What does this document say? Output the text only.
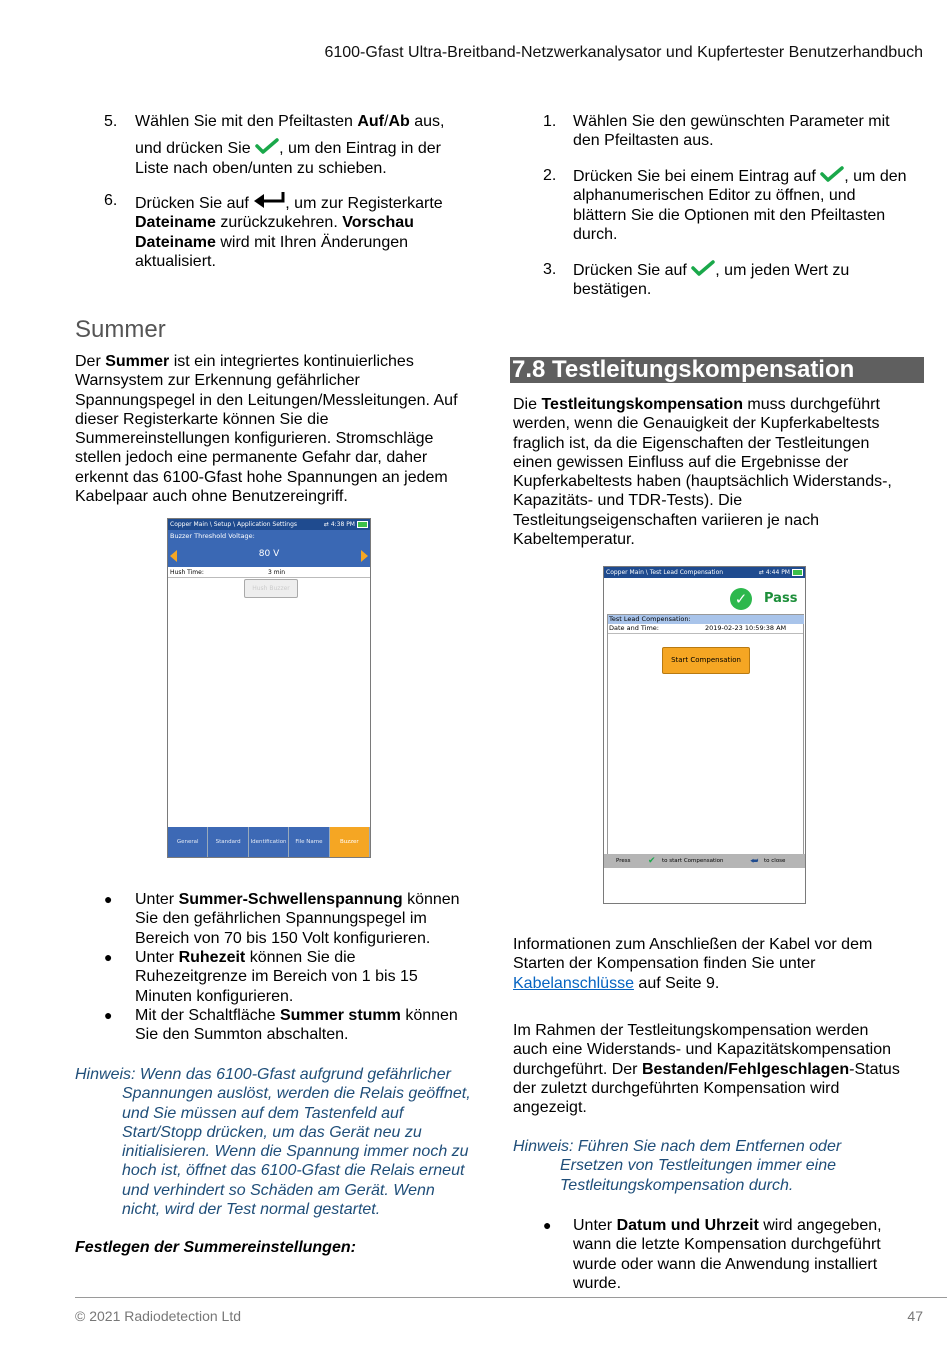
6100-Gfast Ultra-Breitband-Netzwerkanalysator und Kupfertester Benutzerhandbuch
5.	Wählen Sie mit den Pfeiltasten Auf/Ab aus,
und drücken Sie , um den Eintrag in der
Liste nach oben/unten zu schieben.
6.	Drücken Sie auf , um zur Registerkarte
Dateiname zurückzukehren. Vorschau
Dateiname wird mit Ihren Änderungen
aktualisiert.
Summer
Der Summer ist ein integriertes kontinuierliches
Warnsystem zur Erkennung gefährlicher
Spannungspegel in den Leitungen/Messleitungen. Auf
dieser Registerkarte können Sie die
Summereinstellungen konfigurieren. Stromschläge
stellen jedoch eine permanente Gefahr dar, daher
erkennt das 6100-Gfast hohe Spannungen an jedem
Kabelpaar auch ohne Benutzereingriff.
Copper Main \ Setup \ Application Settings	⇄ 4:38 PM
Buzzer Threshold Voltage:
80 V
Hush Time:	3 min
Hush Buzzer
General	Standard	Identification	File Name	Buzzer
● Unter Summer-Schwellenspannung können
Sie den gefährlichen Spannungspegel im
Bereich von 70 bis 150 Volt konfigurieren.
● Unter Ruhezeit können Sie die
Ruhezeitgrenze im Bereich von 1 bis 15
Minuten konfigurieren.
● Mit der Schaltfläche Summer stumm können
Sie den Summton abschalten.
Hinweis: Wenn das 6100-Gfast aufgrund gefährlicher
Spannungen auslöst, werden die Relais geöffnet,
und Sie müssen auf dem Tastenfeld auf
Start/Stopp drücken, um das Gerät neu zu
initialisieren. Wenn die Spannung immer noch zu
hoch ist, öffnet das 6100-Gfast die Relais erneut
und verhindert so Schäden am Gerät. Wenn
nicht, wird der Test normal gestartet.
Festlegen der Summereinstellungen:
1.	Wählen Sie den gewünschten Parameter mit
den Pfeiltasten aus.
2.	Drücken Sie bei einem Eintrag auf , um den
alphanumerischen Editor zu öffnen, und
blättern Sie die Optionen mit den Pfeiltasten
durch.
3.	Drücken Sie auf , um jeden Wert zu
bestätigen.
7.8 Testleitungskompensation
Die Testleitungskompensation muss durchgeführt
werden, wenn die Genauigkeit der Kupferkabeltests
fraglich ist, da die Eigenschaften der Testleitungen
einen gewissen Einfluss auf die Ergebnisse der
Kupferkabeltests haben (hauptsächlich Widerstands-,
Kapazitäts- und TDR-Tests). Die
Testleitungseigenschaften variieren je nach
Kabeltemperatur.
Copper Main \ Test Lead Compensation	⇄ 4:44 PM
✓	Pass
Test Lead Compensation:
Date and Time:	2019-02-23 10:59:38 AM
Start Compensation
Press ✔ to start Compensation	⮨ to close
Informationen zum Anschließen der Kabel vor dem
Starten der Kompensation finden Sie unter
Kabelanschlüsse auf Seite 9.
Im Rahmen der Testleitungskompensation werden
auch eine Widerstands- und Kapazitätskompensation
durchgeführt. Der Bestanden/Fehlgeschlagen-Status
der zuletzt durchgeführten Kompensation wird
angezeigt.
Hinweis: Führen Sie nach dem Entfernen oder
Ersetzen von Testleitungen immer eine
Testleitungskompensation durch.
● Unter Datum und Uhrzeit wird angegeben,
wann die letzte Kompensation durchgeführt
wurde oder wann die Anwendung installiert
wurde.
© 2021 Radiodetection Ltd	47
